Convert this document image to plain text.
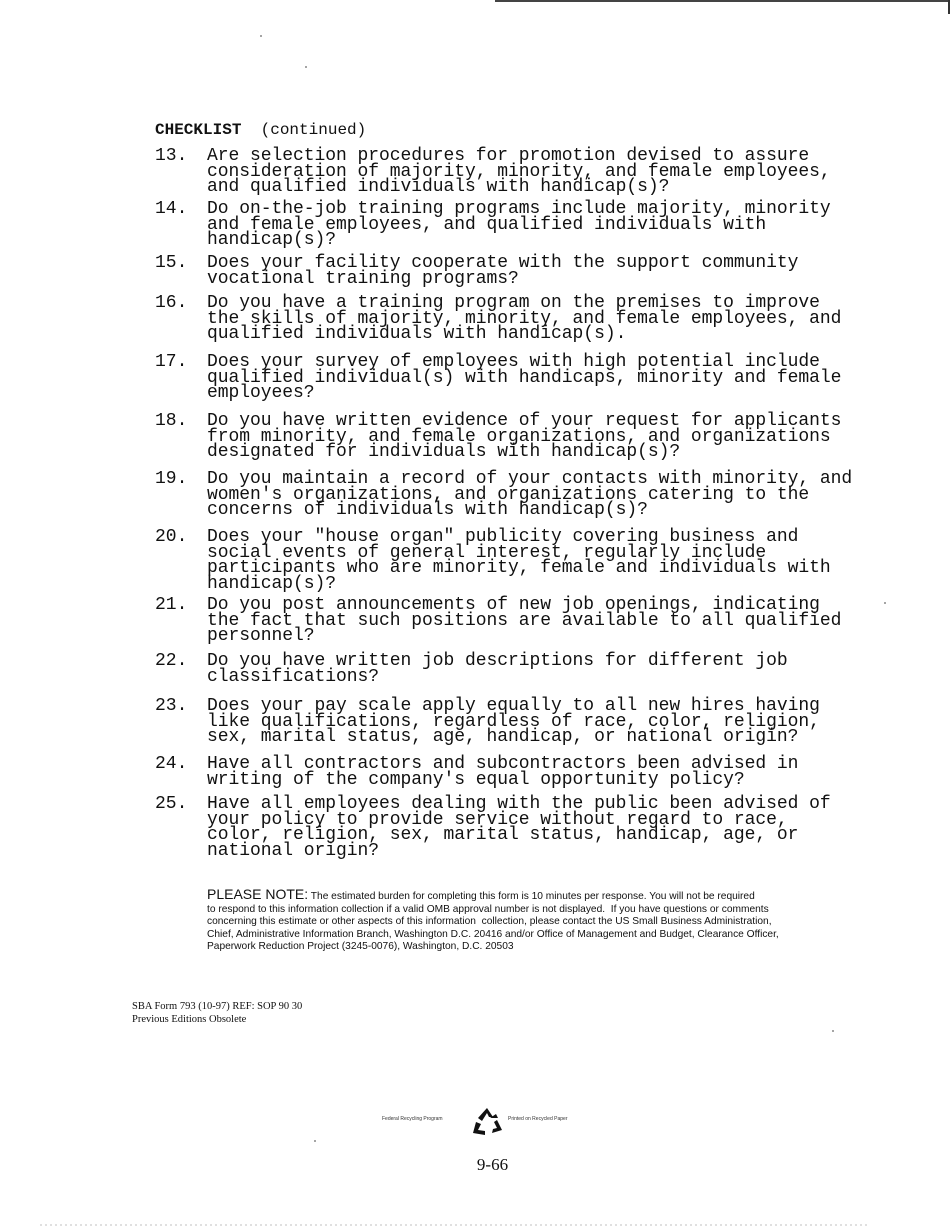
CHECKLIST (continued)
13.	Are selection procedures for promotion devised to assure
consideration of majority, minority, and female employees,
and qualified individuals with handicap(s)?
14.	Do on-the-job training programs include majority, minority
and female employees, and qualified individuals with
handicap(s)?
15.	Does your facility cooperate with the support community
vocational training programs?
16.	Do you have a training program on the premises to improve
the skills of majority, minority, and female employees, and
qualified individuals with handicap(s).
17.	Does your survey of employees with high potential include
qualified individual(s) with handicaps, minority and female
employees?
18.	Do you have written evidence of your request for applicants
from minority, and female organizations, and organizations
designated for individuals with handicap(s)?
19.	Do you maintain a record of your contacts with minority, and
women's organizations, and organizations catering to the
concerns of individuals with handicap(s)?
20.	Does your "house organ" publicity covering business and
social events of general interest, regularly include
participants who are minority, female and individuals with
handicap(s)?
21.	Do you post announcements of new job openings, indicating
the fact that such positions are available to all qualified
personnel?
22.	Do you have written job descriptions for different job
classifications?
23.	Does your pay scale apply equally to all new hires having
like qualifications, regardless of race, color, religion,
sex, marital status, age, handicap, or national origin?
24.	Have all contractors and subcontractors been advised in
writing of the company's equal opportunity policy?
25.	Have all employees dealing with the public been advised of
your policy to provide service without regard to race,
color, religion, sex, marital status, handicap, age, or
national origin?
PLEASE NOTE: The estimated burden for completing this form is 10 minutes per response. You will not be required
to respond to this information collection if a valid OMB approval number is not displayed.  If you have questions or comments
concerning this estimate or other aspects of this information  collection, please contact the US Small Business Administration,
Chief, Administrative Information Branch, Washington D.C. 20416 and/or Office of Management and Budget, Clearance Officer,
Paperwork Reduction Project (3245-0076), Washington, D.C. 20503
SBA Form 793 (10-97) REF: SOP 90 30
Previous Editions Obsolete
Federal Recycling Program	Printed on Recycled Paper
9-66
